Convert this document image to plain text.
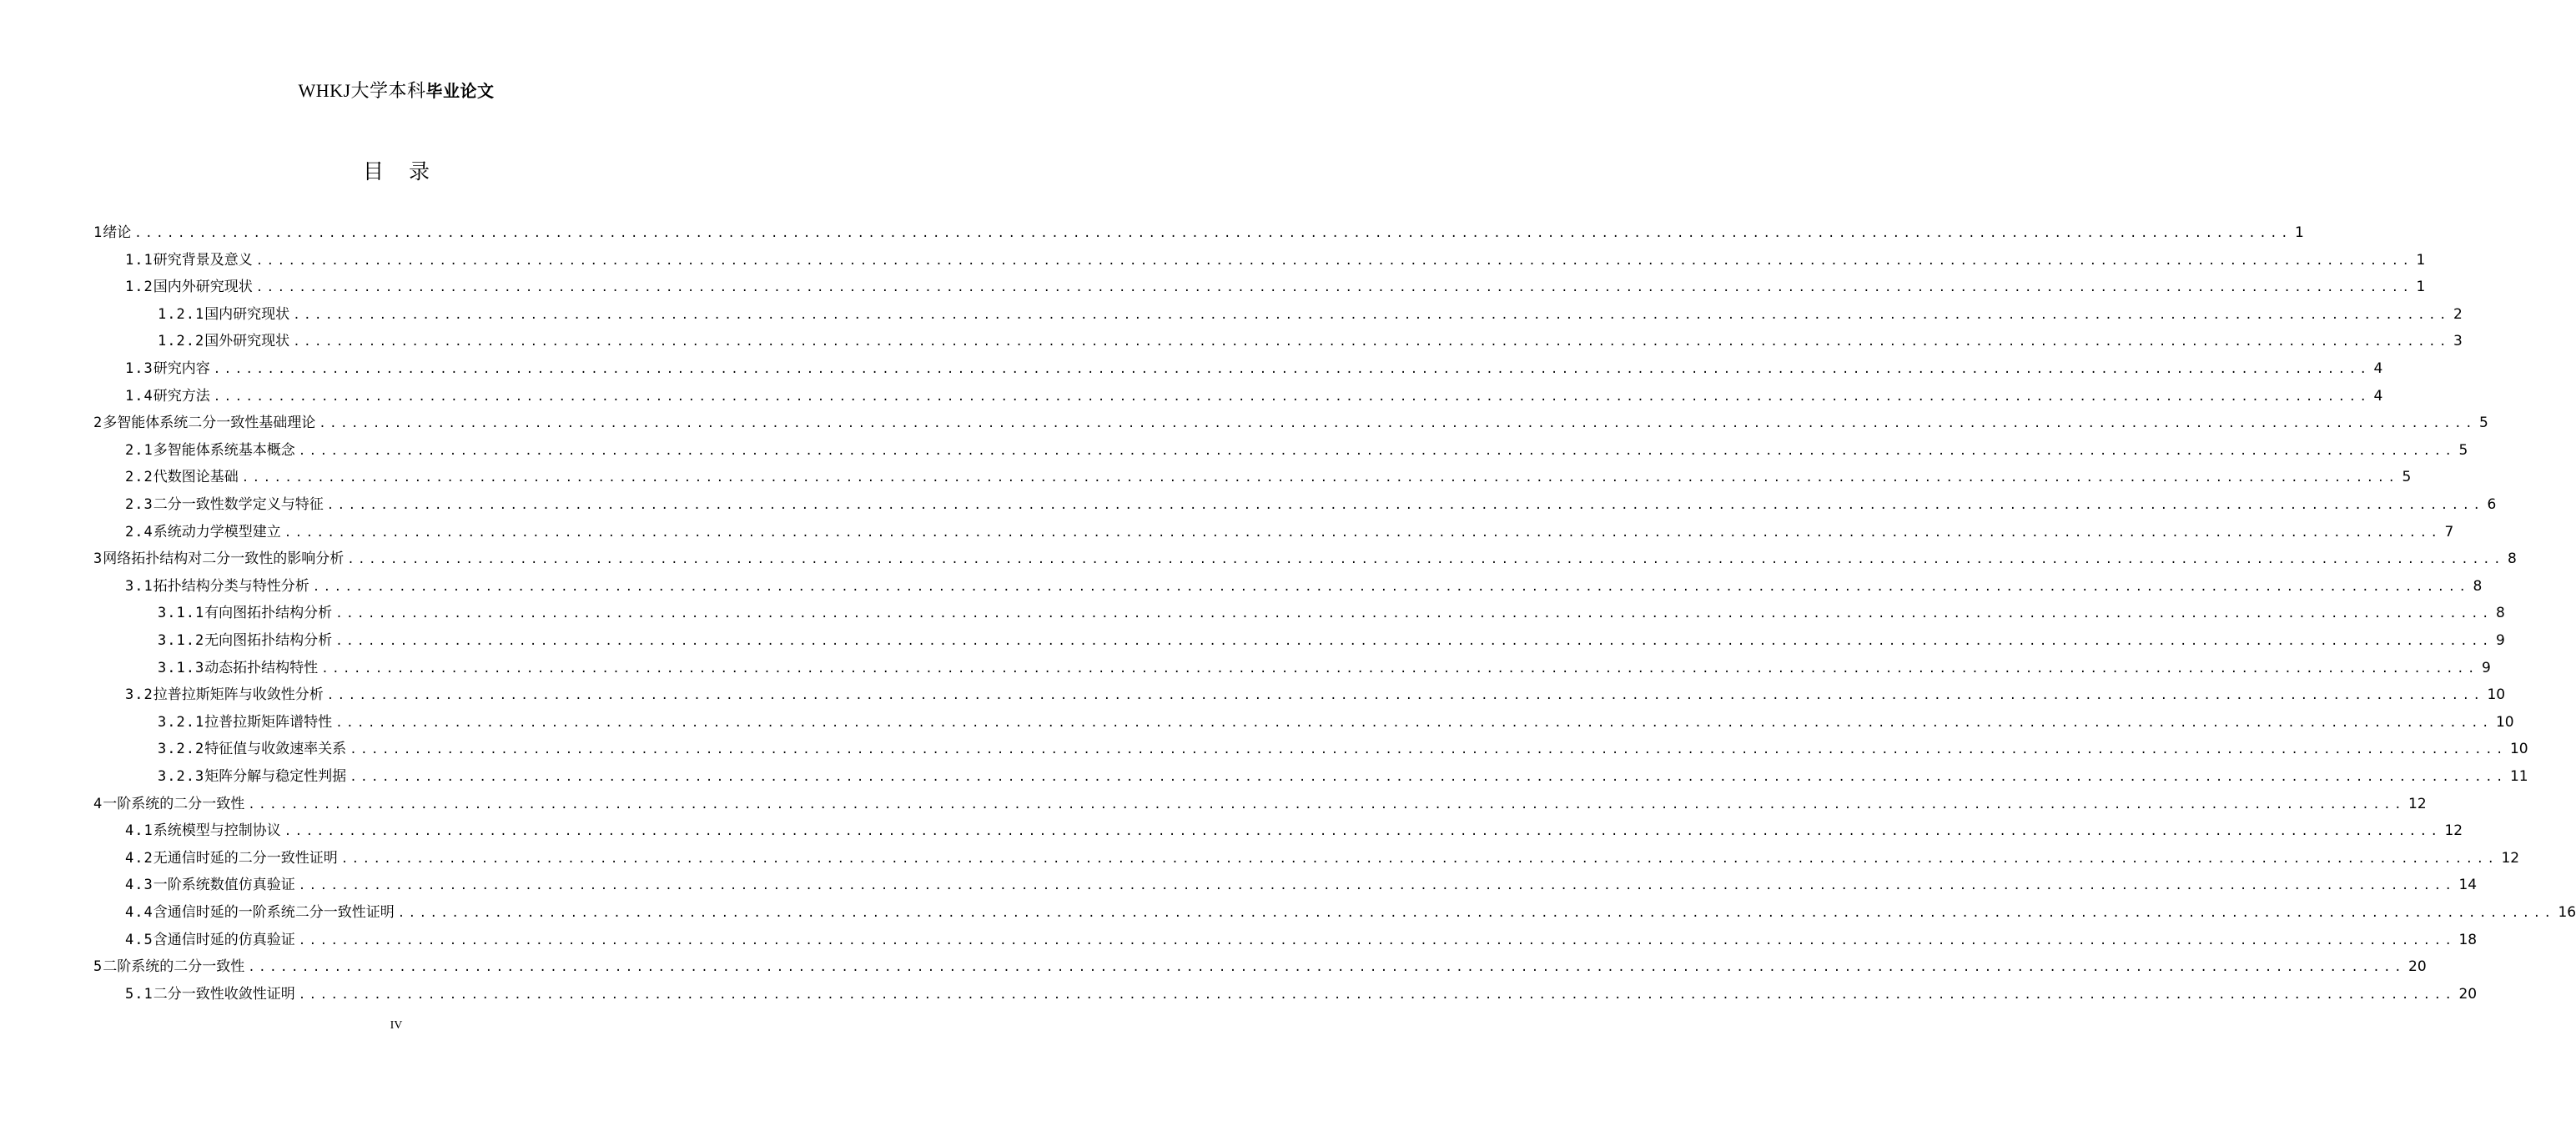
WHKJ大学本科毕业论文
目录
1 绪论 ........................................................................................................................................................................................................ 1
1.1 研究背景及意义 ........................................................................................................................................................................................................ 1
1.2 国内外研究现状 ........................................................................................................................................................................................................ 1
1.2.1 国内研究现状 ........................................................................................................................................................................................................ 2
1.2.2 国外研究现状 ........................................................................................................................................................................................................ 3
1.3 研究内容 ........................................................................................................................................................................................................ 4
1.4 研究方法 ........................................................................................................................................................................................................ 4
2 多智能体系统二分一致性基础理论 ........................................................................................................................................................................................................ 5
2.1 多智能体系统基本概念 ........................................................................................................................................................................................................ 5
2.2 代数图论基础 ........................................................................................................................................................................................................ 5
2.3 二分一致性数学定义与特征 ........................................................................................................................................................................................................ 6
2.4 系统动力学模型建立 ........................................................................................................................................................................................................ 7
3 网络拓扑结构对二分一致性的影响分析 ........................................................................................................................................................................................................ 8
3.1 拓扑结构分类与特性分析 ........................................................................................................................................................................................................ 8
3.1.1 有向图拓扑结构分析 ........................................................................................................................................................................................................ 8
3.1.2 无向图拓扑结构分析 ........................................................................................................................................................................................................ 9
3.1.3 动态拓扑结构特性 ........................................................................................................................................................................................................ 9
3.2 拉普拉斯矩阵与收敛性分析 ........................................................................................................................................................................................................ 10
3.2.1 拉普拉斯矩阵谱特性 ........................................................................................................................................................................................................ 10
3.2.2 特征值与收敛速率关系 ........................................................................................................................................................................................................ 10
3.2.3 矩阵分解与稳定性判据 ........................................................................................................................................................................................................ 11
4 一阶系统的二分一致性 ........................................................................................................................................................................................................ 12
4.1 系统模型与控制协议 ........................................................................................................................................................................................................ 12
4.2 无通信时延的二分一致性证明 ........................................................................................................................................................................................................ 12
4.3 一阶系统数值仿真验证 ........................................................................................................................................................................................................ 14
4.4 含通信时延的一阶系统二分一致性证明 ........................................................................................................................................................................................................ 16
4.5 含通信时延的仿真验证 ........................................................................................................................................................................................................ 18
5 二阶系统的二分一致性 ........................................................................................................................................................................................................ 20
5.1 二分一致性收敛性证明 ........................................................................................................................................................................................................ 20
IV
